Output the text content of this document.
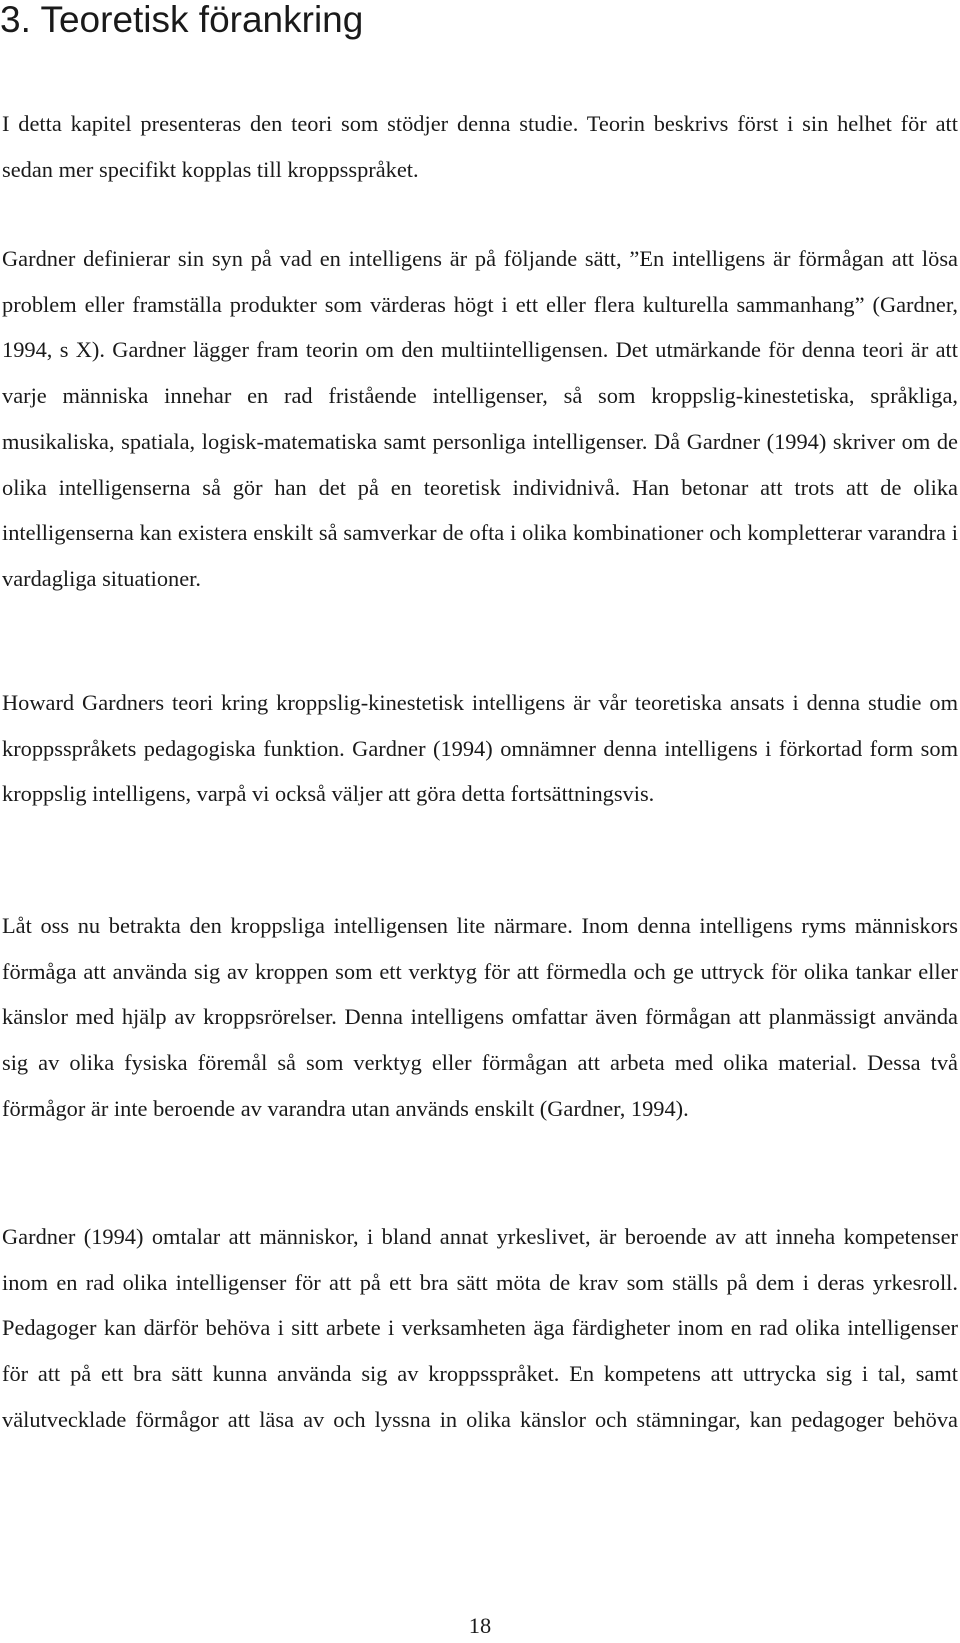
3. Teoretisk förankring

I detta kapitel presenteras den teori som stödjer denna studie. Teorin beskrivs först i sin helhet för att sedan mer specifikt kopplas till kroppsspråket.

Gardner definierar sin syn på vad en intelligens är på följande sätt, ”En intelligens är förmågan att lösa problem eller framställa produkter som värderas högt i ett eller flera kulturella sammanhang” (Gardner, 1994, s X). Gardner lägger fram teorin om den multiintelligensen. Det utmärkande för denna teori är att varje människa innehar en rad fristående intelligenser, så som kroppslig-kinestetiska, språkliga, musikaliska, spatiala, logisk-matematiska samt personliga intelligenser. Då Gardner (1994) skriver om de olika intelligenserna så gör han det på en teoretisk individnivå. Han betonar att trots att de olika intelligenserna kan existera enskilt så samverkar de ofta i olika kombinationer och kompletterar varandra i vardagliga situationer.

Howard Gardners teori kring kroppslig-kinestetisk intelligens är vår teoretiska ansats i denna studie om kroppsspråkets pedagogiska funktion. Gardner (1994) omnämner denna intelligens i förkortad form som kroppslig intelligens, varpå vi också väljer att göra detta fortsättningsvis.

Låt oss nu betrakta den kroppsliga intelligensen lite närmare. Inom denna intelligens ryms människors förmåga att använda sig av kroppen som ett verktyg för att förmedla och ge uttryck för olika tankar eller känslor med hjälp av kroppsrörelser. Denna intelligens omfattar även förmågan att planmässigt använda sig av olika fysiska föremål så som verktyg eller förmågan att arbeta med olika material. Dessa två förmågor är inte beroende av varandra utan används enskilt (Gardner, 1994).

Gardner (1994) omtalar att människor, i bland annat yrkeslivet, är beroende av att inneha kompetenser inom en rad olika intelligenser för att på ett bra sätt möta de krav som ställs på dem i deras yrkesroll. Pedagoger kan därför behöva i sitt arbete i verksamheten äga färdigheter inom en rad olika intelligenser för att på ett bra sätt kunna använda sig av kroppsspråket. En kompetens att uttrycka sig i tal, samt välutvecklade förmågor att läsa av och lyssna in olika känslor och stämningar, kan pedagoger behöva

18
